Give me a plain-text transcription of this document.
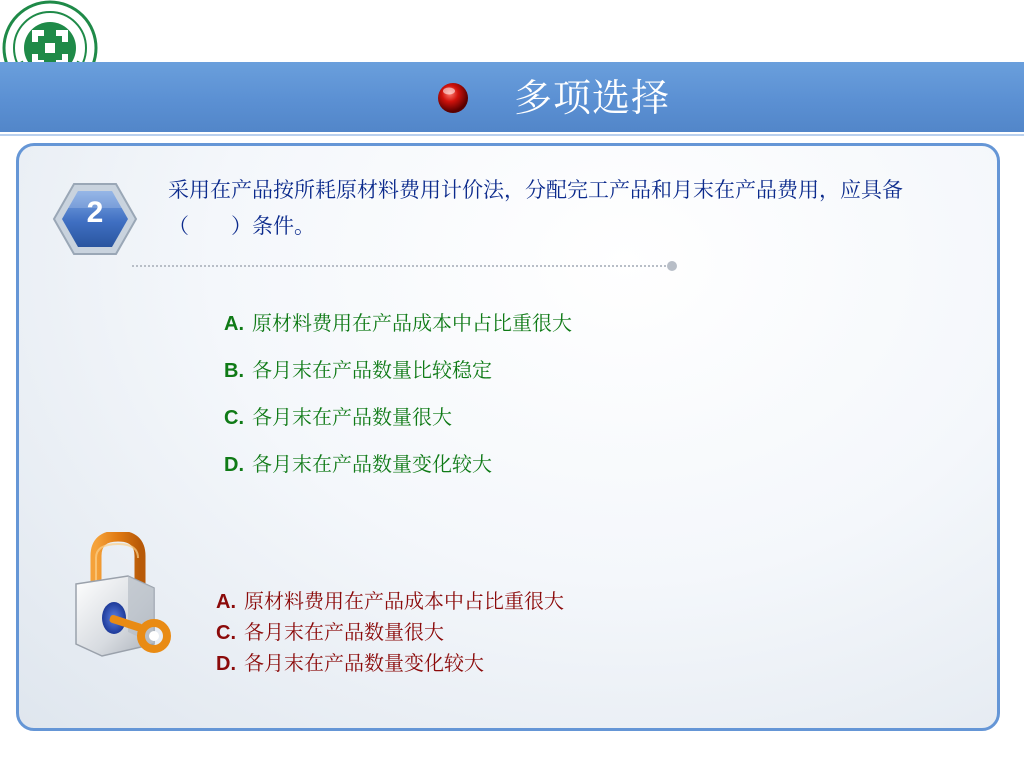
多项选择
2
采用在产品按所耗原材料费用计价法，分配完工产品和月末在产品费用，应具备（　　）条件。
A. 原材料费用在产品成本中占比重很大
B. 各月末在产品数量比较稳定
C. 各月末在产品数量很大
D. 各月末在产品数量变化较大
A. 原材料费用在产品成本中占比重很大
C. 各月末在产品数量很大
D. 各月末在产品数量变化较大
